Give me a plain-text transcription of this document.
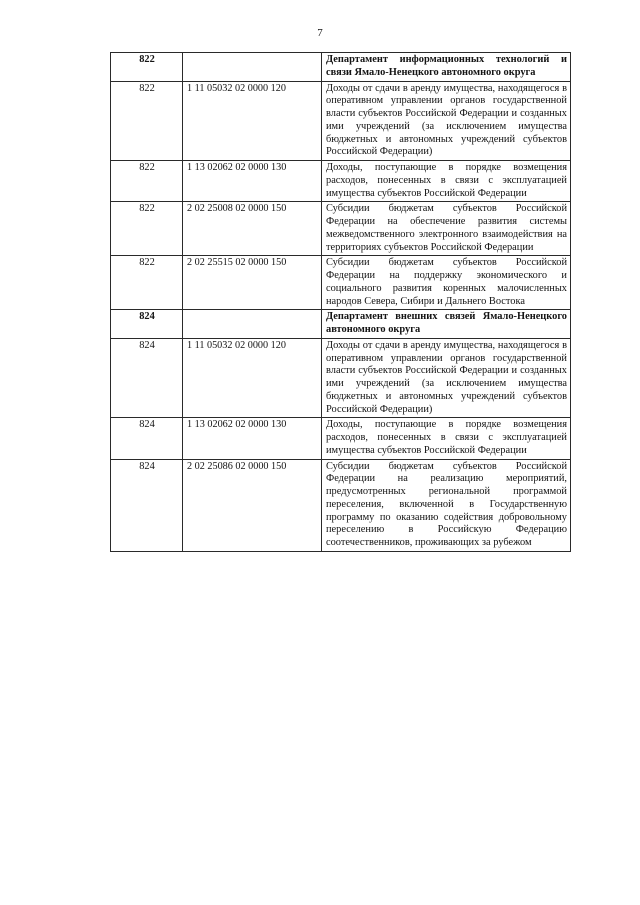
7
822		Департамент информационных технологий и связи Ямало-Ненецкого автономного округа
822	1 11 05032 02 0000 120	Доходы от сдачи в аренду имущества, находящегося в оперативном управлении органов государственной власти субъектов Российской Федерации и созданных ими учреждений (за исключением имущества бюджетных и автономных учреждений субъектов Российской Федерации)
822	1 13 02062 02 0000 130	Доходы, поступающие в порядке возмещения расходов, понесенных в связи с эксплуатацией имущества субъектов Российской Федерации
822	2 02 25008 02 0000 150	Субсидии бюджетам субъектов Российской Федерации на обеспечение развития системы межведомственного электронного взаимодействия на территориях субъектов Российской Федерации
822	2 02 25515 02 0000 150	Субсидии бюджетам субъектов Российской Федерации на поддержку экономического и социального развития коренных малочисленных народов Севера, Сибири и Дальнего Востока
824		Департамент внешних связей Ямало-Ненецкого автономного округа
824	1 11 05032 02 0000 120	Доходы от сдачи в аренду имущества, находящегося в оперативном управлении органов государственной власти субъектов Российской Федерации и созданных ими учреждений (за исключением имущества бюджетных и автономных учреждений субъектов Российской Федерации)
824	1 13 02062 02 0000 130	Доходы, поступающие в порядке возмещения расходов, понесенных в связи с эксплуатацией имущества субъектов Российской Федерации
824	2 02 25086 02 0000 150	Субсидии бюджетам субъектов Российской Федерации на реализацию мероприятий, предусмотренных региональной программой переселения, включенной в Государственную программу по оказанию содействия добровольному переселению в Российскую Федерацию соотечественников, проживающих за рубежом
